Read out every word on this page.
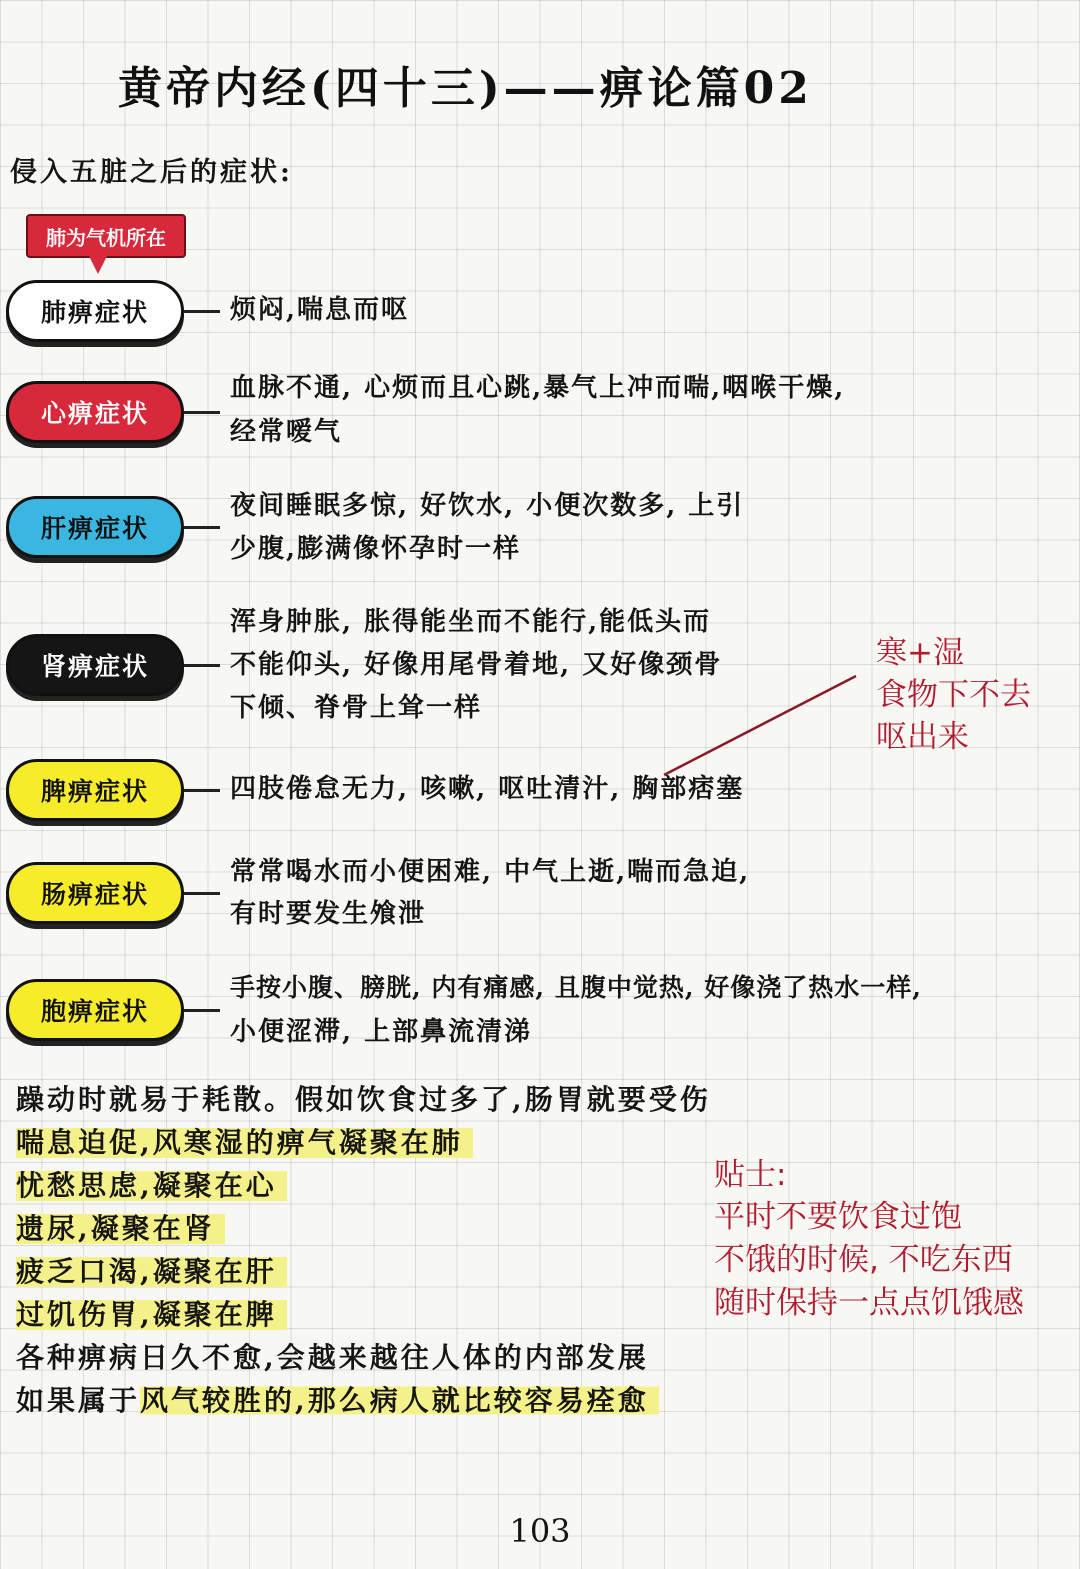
黄帝内经(四十三)——痹论篇02
侵入五脏之后的症状:
肺为气机所在
肺痹症状	烦闷,喘息而呕
心痹症状
血脉不通, 心烦而且心跳,暴气上冲而喘,咽喉干燥,
经常嗳气
肝痹症状
夜间睡眠多惊, 好饮水, 小便次数多, 上引
少腹,膨满像怀孕时一样
肾痹症状
浑身肿胀, 胀得能坐而不能行,能低头而
不能仰头, 好像用尾骨着地, 又好像颈骨
下倾、脊骨上耸一样
脾痹症状	四肢倦怠无力, 咳嗽, 呕吐清汁, 胸部痞塞
肠痹症状
常常喝水而小便困难, 中气上逝,喘而急迫,
有时要发生飧泄
胞痹症状
手按小腹、膀胱, 内有痛感, 且腹中觉热, 好像浇了热水一样,
小便涩滞, 上部鼻流清涕
寒+湿
食物下不去
呕出来
躁动时就易于耗散。假如饮食过多了,肠胃就要受伤
喘息迫促,风寒湿的痹气凝聚在肺
忧愁思虑,凝聚在心
遗尿,凝聚在肾
疲乏口渴,凝聚在肝
过饥伤胃,凝聚在脾
各种痹病日久不愈,会越来越往人体的内部发展
如果属于风气较胜的,那么病人就比较容易痊愈
贴士:
平时不要饮食过饱
不饿的时候, 不吃东西
随时保持一点点饥饿感
103
